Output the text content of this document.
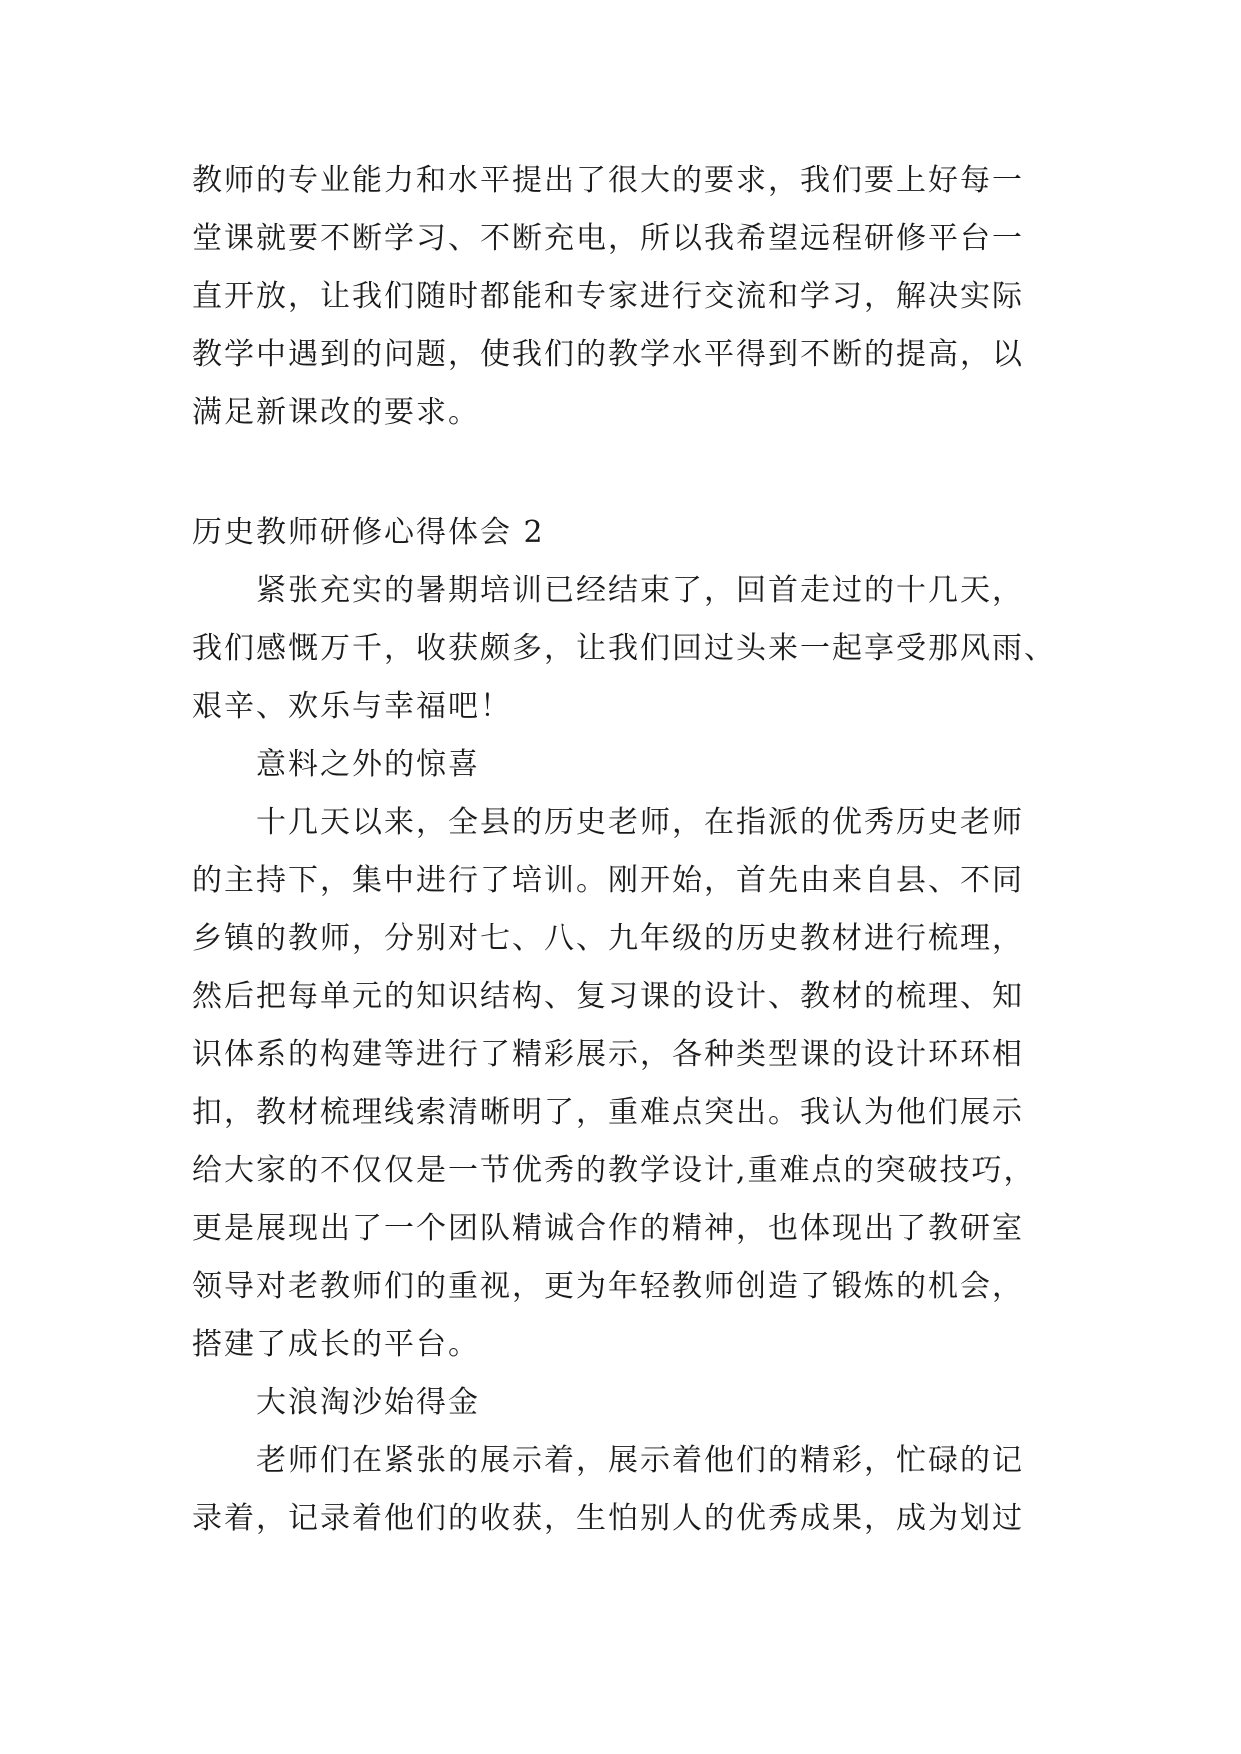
教师的专业能力和水平提出了很大的要求，我们要上好每一
堂课就要不断学习、不断充电，所以我希望远程研修平台一
直开放，让我们随时都能和专家进行交流和学习，解决实际
教学中遇到的问题，使我们的教学水平得到不断的提高，以
满足新课改的要求。
历史教师研修心得体会 2
紧张充实的暑期培训已经结束了，回首走过的十几天，
我们感慨万千，收获颇多，让我们回过头来一起享受那风雨、
艰辛、欢乐与幸福吧！
意料之外的惊喜
十几天以来，全县的历史老师，在指派的优秀历史老师
的主持下，集中进行了培训。刚开始，首先由来自县、不同
乡镇的教师，分别对七、八、九年级的历史教材进行梳理，
然后把每单元的知识结构、复习课的设计、教材的梳理、知
识体系的构建等进行了精彩展示，各种类型课的设计环环相
扣，教材梳理线索清晰明了，重难点突出。我认为他们展示
给大家的不仅仅是一节优秀的教学设计,重难点的突破技巧，
更是展现出了一个团队精诚合作的精神，也体现出了教研室
领导对老教师们的重视，更为年轻教师创造了锻炼的机会，
搭建了成长的平台。
大浪淘沙始得金
老师们在紧张的展示着，展示着他们的精彩，忙碌的记
录着，记录着他们的收获，生怕别人的优秀成果，成为划过
